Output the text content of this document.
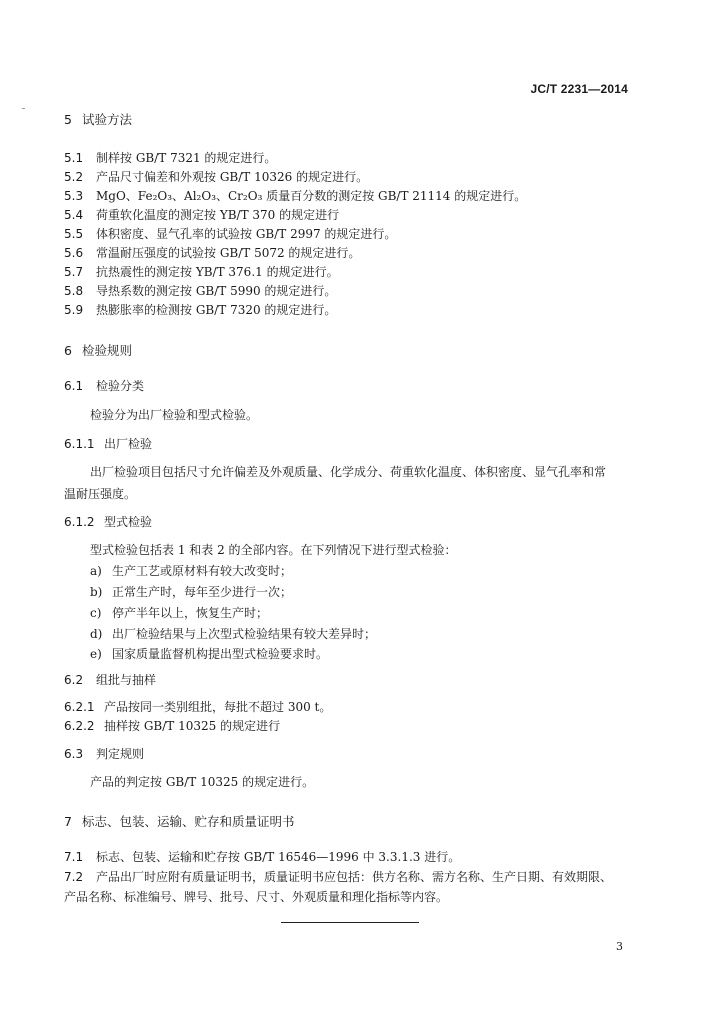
JC/T 2231—2014
5 试验方法
5.1 制样按 GB/T 7321 的规定进行。
5.2 产品尺寸偏差和外观按 GB/T 10326 的规定进行。
5.3 MgO、Fe₂O₃、Al₂O₃、Cr₂O₃ 质量百分数的测定按 GB/T 21114 的规定进行。
5.4 荷重软化温度的测定按 YB/T 370 的规定进行
5.5 体积密度、显气孔率的试验按 GB/T 2997 的规定进行。
5.6 常温耐压强度的试验按 GB/T 5072 的规定进行。
5.7 抗热震性的测定按 YB/T 376.1 的规定进行。
5.8 导热系数的测定按 GB/T 5990 的规定进行。
5.9 热膨胀率的检测按 GB/T 7320 的规定进行。
6 检验规则
6.1 检验分类
检验分为出厂检验和型式检验。
6.1.1 出厂检验
出厂检验项目包括尺寸允许偏差及外观质量、化学成分、荷重软化温度、体积密度、显气孔率和常
温耐压强度。
6.1.2 型式检验
型式检验包括表 1 和表 2 的全部内容。在下列情况下进行型式检验：
a) 生产工艺或原材料有较大改变时；
b) 正常生产时，每年至少进行一次；
c) 停产半年以上，恢复生产时；
d) 出厂检验结果与上次型式检验结果有较大差异时；
e) 国家质量监督机构提出型式检验要求时。
6.2 组批与抽样
6.2.1 产品按同一类别组批，每批不超过 300 t。
6.2.2 抽样按 GB/T 10325 的规定进行
6.3 判定规则
产品的判定按 GB/T 10325 的规定进行。
7 标志、包装、运输、贮存和质量证明书
7.1 标志、包装、运输和贮存按 GB/T 16546—1996 中 3.3.1.3 进行。
7.2 产品出厂时应附有质量证明书，质量证明书应包括：供方名称、需方名称、生产日期、有效期限、
产品名称、标准编号、牌号、批号、尺寸、外观质量和理化指标等内容。
3
